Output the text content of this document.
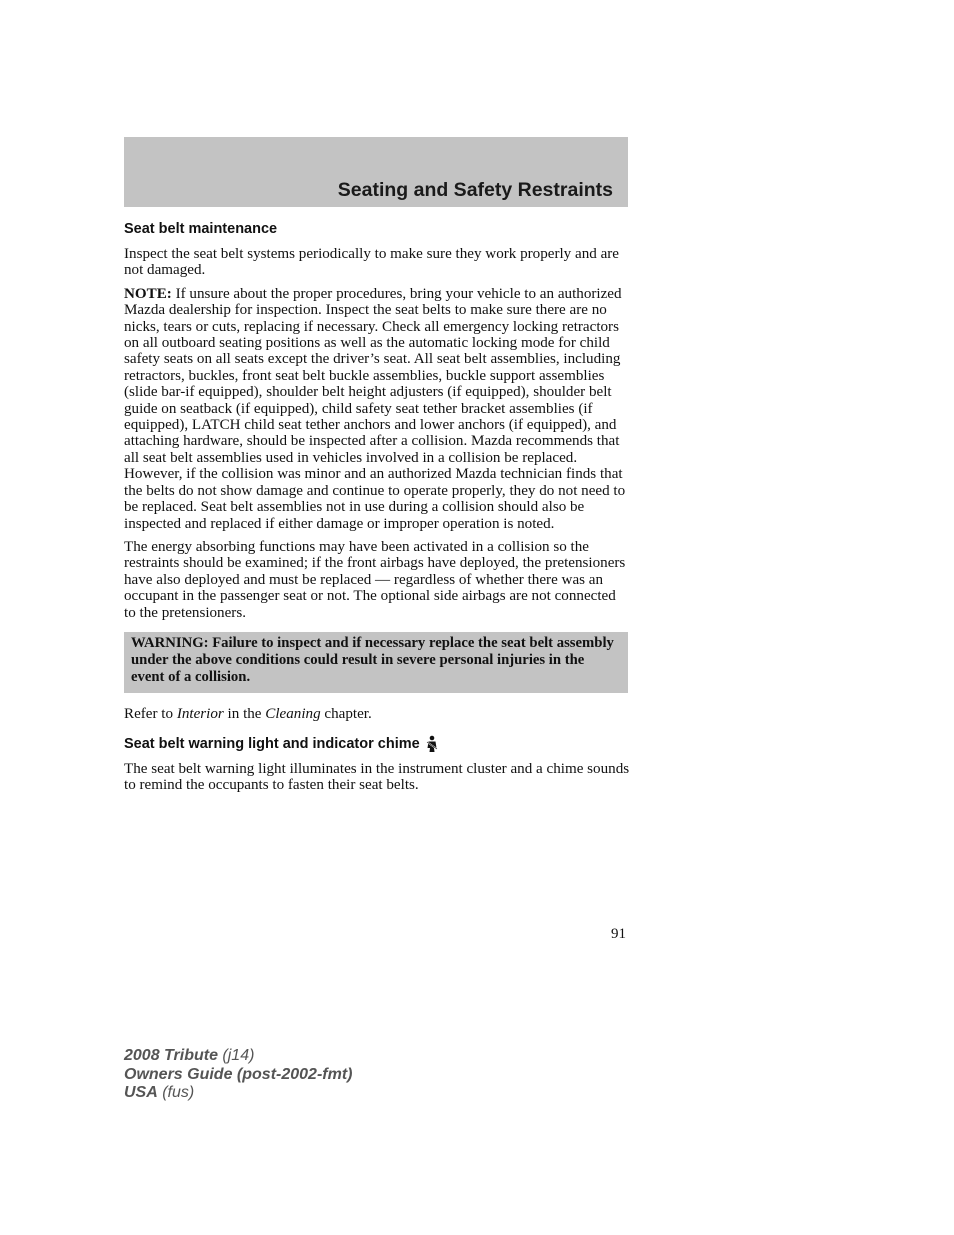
Seating and Safety Restraints
Seat belt maintenance

Inspect the seat belt systems periodically to make sure they work properly and are not damaged.

NOTE: If unsure about the proper procedures, bring your vehicle to an authorized Mazda dealership for inspection. Inspect the seat belts to make sure there are no nicks, tears or cuts, replacing if necessary. Check all emergency locking retractors on all outboard seating positions as well as the automatic locking mode for child safety seats on all seats except the driver’s seat. All seat belt assemblies, including retractors, buckles, front seat belt buckle assemblies, buckle support assemblies (slide bar-if equipped), shoulder belt height adjusters (if equipped), shoulder belt guide on seatback (if equipped), child safety seat tether bracket assemblies (if equipped), LATCH child seat tether anchors and lower anchors (if equipped), and attaching hardware, should be inspected after a collision. Mazda recommends that all seat belt assemblies used in vehicles involved in a collision be replaced. However, if the collision was minor and an authorized Mazda technician finds that the belts do not show damage and continue to operate properly, they do not need to be replaced. Seat belt assemblies not in use during a collision should also be inspected and replaced if either damage or improper operation is noted.

The energy absorbing functions may have been activated in a collision so the restraints should be examined; if the front airbags have deployed, the pretensioners have also deployed and must be replaced — regardless of whether there was an occupant in the passenger seat or not. The optional side airbags are not connected to the pretensioners.

WARNING: Failure to inspect and if necessary replace the seat belt assembly under the above conditions could result in severe personal injuries in the event of a collision.

Refer to Interior in the Cleaning chapter.

Seat belt warning light and indicator chime

The seat belt warning light illuminates in the instrument cluster and a chime sounds to remind the occupants to fasten their seat belts.

91
2008 Tribute (j14)
Owners Guide (post-2002-fmt)
USA (fus)
